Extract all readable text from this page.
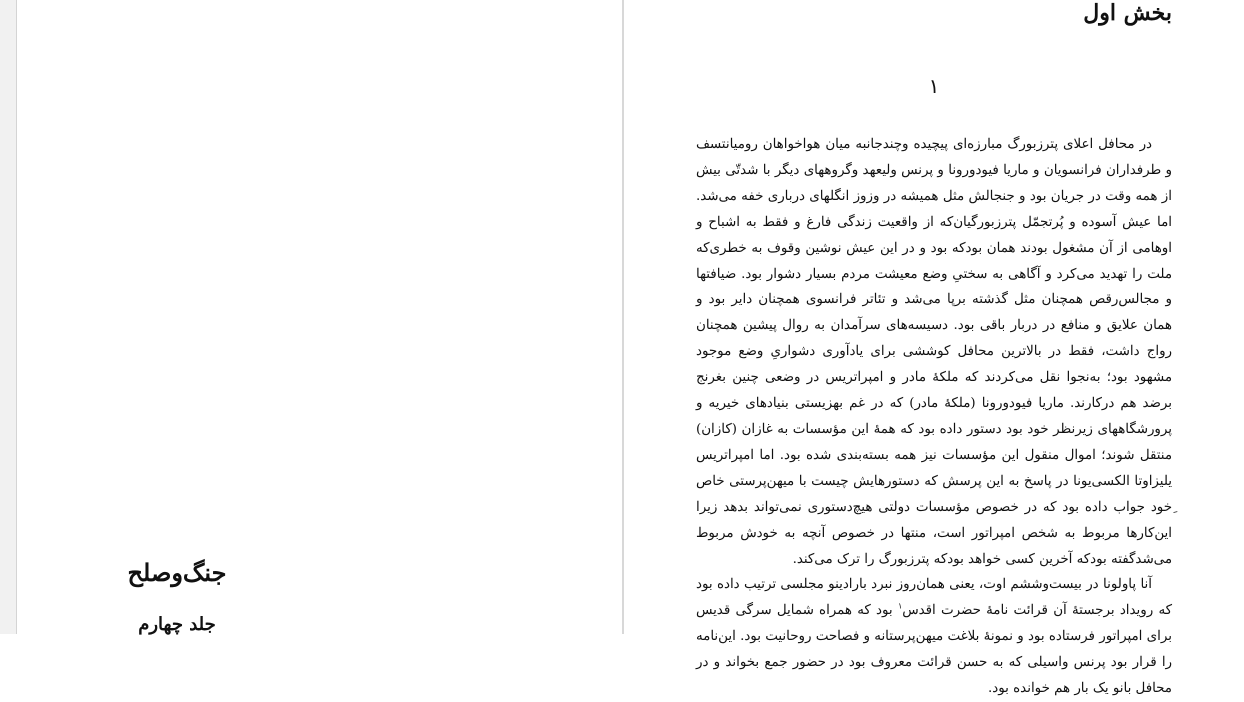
جنگ‌وصلح
جلد چهارم
بخش اول
۱

در محافل اعلای پترزبورگ مبارزه‌ای پیچیده وچندجانبه میان هواخواهان رومیانتسف و طرفداران فرانسویان و ماریا فیودورونا و پرنس ولیعهد وگروههای دیگر با شدتّی بیش از همه وقت در جریان بود و جنجالش مثل همیشه در وزوز انگلهای درباری خفه می‌شد. اما عیش آسوده و پُرتجمّل پترزبورگیان‌که از واقعیت زندگی فارغ و فقط به اشباح و اوهامی از آن مشغول بودند همان بودکه بود و در این عیش نوشین وقوف به خطری‌که ملت را تهدید می‌کرد و آگاهی به سختیِ وضع معیشت مردم بسیار دشوار بود. ضیافتها و مجالس‌رقص همچنان مثل گذشته برپا می‌شد و تئاتر فرانسوی همچنان دایر بود و همان علایق و منافع در دربار باقی بود. دسیسه‌های سرآمدان به روال پیشین همچنان رواج داشت، فقط در بالاترین محافل کوششی برای یادآوری دشواریِ وضع موجود مشهود بود؛ به‌نجوا نقل می‌کردند که ملکهٔ مادر و امپراتریس در وضعی چنین بغرنج برضد هم درکارند. ماریا فیودورونا (ملکهٔ مادر) که در غم بهزیستی بنیادهای خیریه و پرورشگاههای زیرنظر خود بود دستور داده بود که همهٔ این مؤسسات به غازان (کازان) منتقل شوند؛ اموال منقول این مؤسسات نیز همه بسته‌بندی شده بود. اما امپراتریس یلیزاوتا الکسی‌یونا در پاسخ به این پرسش که دستورهایش چیست با میهن‌پرستی خاص ِخود جواب داده بود که در خصوص مؤسسات دولتی هیچ‌دستوری نمی‌تواند بدهد زیرا این‌کارها مربوط به شخص امپراتور است، منتها در خصوص آنچه به خودش مربوط می‌شدگفته بودکه آخرین کسی خواهد بودکه پترزبورگ را ترک می‌کند.

آنا پاولونا در بیست‌وششم اوت، یعنی همان‌روز نبرد بارادینو مجلسی ترتیب داده بود که رویداد برجستهٔ آن قرائت نامهٔ حضرت اقدس$^۱$ بود که همراه شمایل سرگی قدیس برای امپراتور فرستاده بود و نمونهٔ بلاغت میهن‌پرستانه و فصاحت روحانیت بود. این‌نامه را قرار بود پرنس واسیلی که به حسن قرائت معروف بود در حضور جمع بخواند و در محافل بانو یک بار هم خوانده بود.
